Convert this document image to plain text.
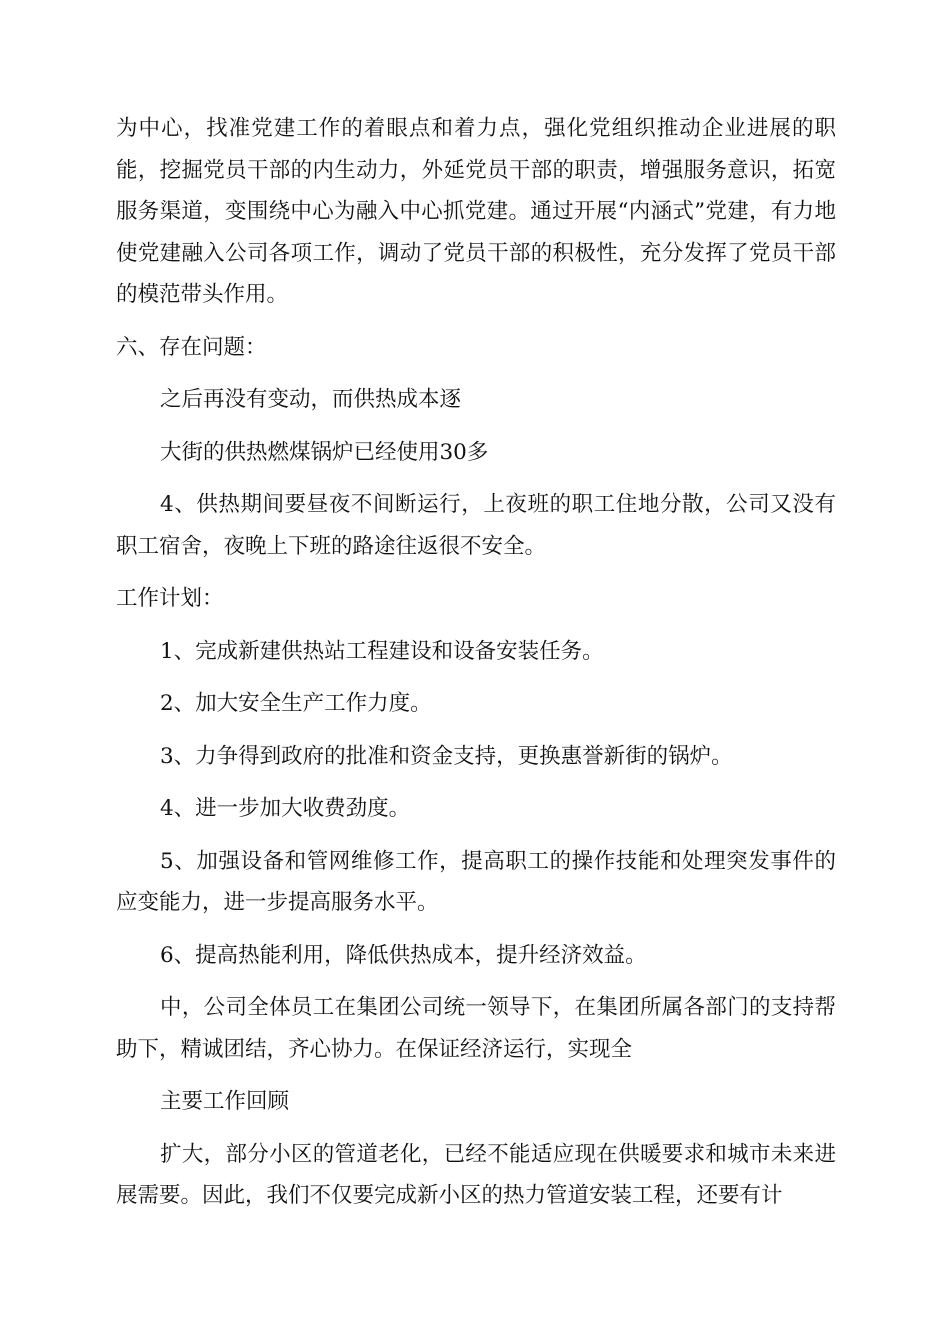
为中心，找准党建工作的着眼点和着力点，强化党组织推动企业进展的职能，挖掘党员干部的内生动力，外延党员干部的职责，增强服务意识，拓宽服务渠道，变围绕中心为融入中心抓党建。通过开展“内涵式”党建，有力地使党建融入公司各项工作，调动了党员干部的积极性，充分发挥了党员干部的模范带头作用。

六、存在问题：

之后再没有变动，而供热成本逐

大街的供热燃煤锅炉已经使用30多

4、供热期间要昼夜不间断运行，上夜班的职工住地分散，公司又没有职工宿舍，夜晚上下班的路途往返很不安全。

工作计划：

1、完成新建供热站工程建设和设备安装任务。

2、加大安全生产工作力度。

3、力争得到政府的批准和资金支持，更换惠誉新街的锅炉。

4、进一步加大收费劲度。

5、加强设备和管网维修工作，提高职工的操作技能和处理突发事件的应变能力，进一步提高服务水平。

6、提高热能利用，降低供热成本，提升经济效益。

中，公司全体员工在集团公司统一领导下，在集团所属各部门的支持帮助下，精诚团结，齐心协力。在保证经济运行，实现全

主要工作回顾

扩大，部分小区的管道老化，已经不能适应现在供暖要求和城市未来进展需要。因此，我们不仅要完成新小区的热力管道安装工程，还要有计
